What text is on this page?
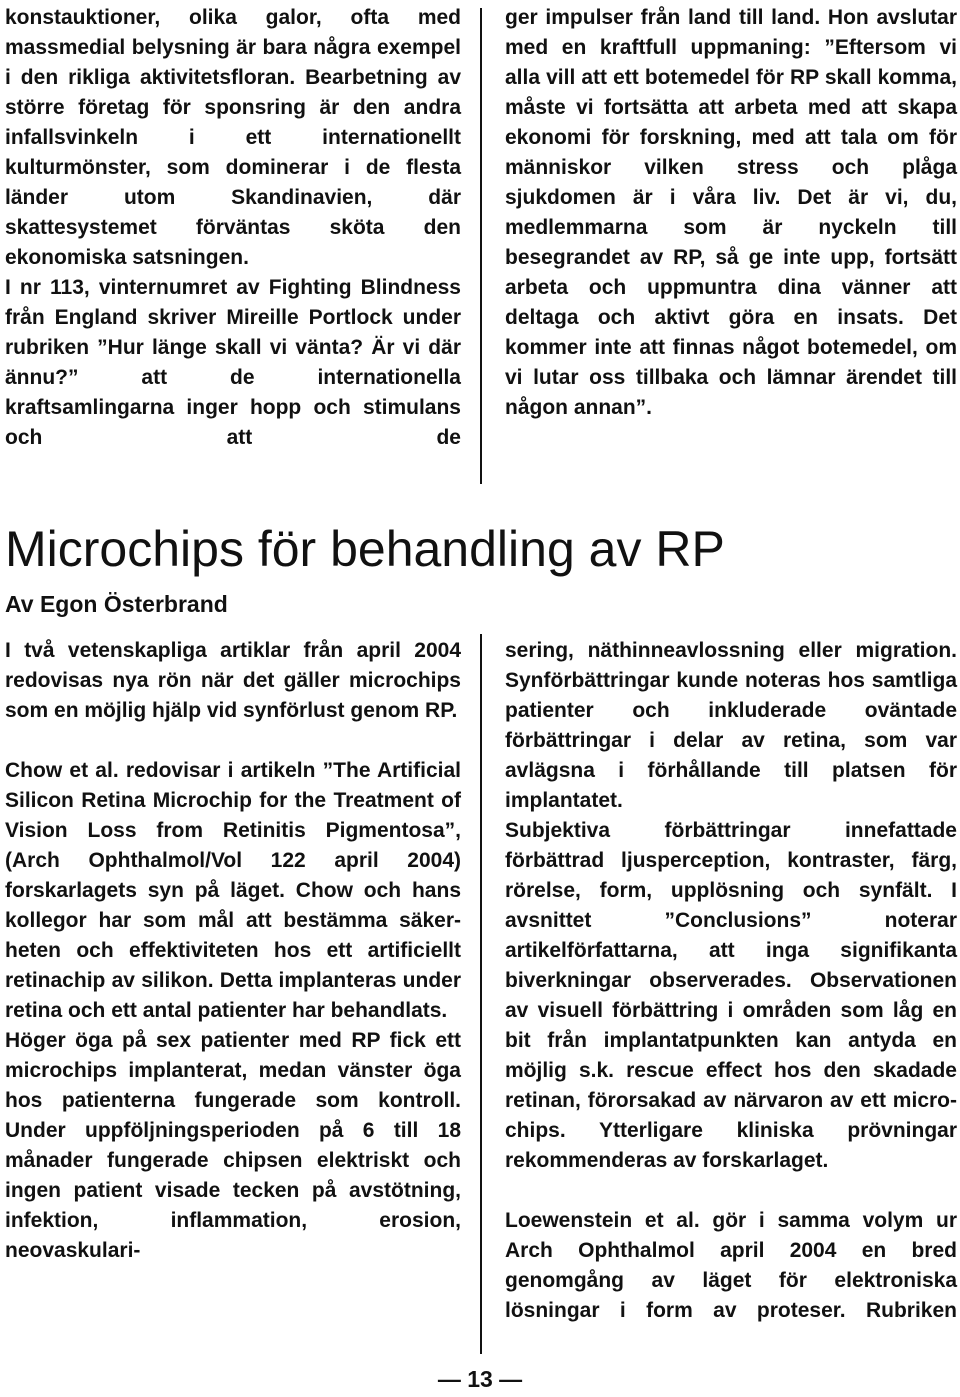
konstauktioner, olika galor, ofta med massmedial belysning är bara några exempel i den rikliga aktivitetsfloran. Bearbetning av större företag för sponsring är den andra infallsvinkeln i ett internationellt kulturmönster, som dominerar i de flesta länder utom Skandinavien, där skattesystemet förväntas sköta den ekonomiska satsningen.

I nr 113, vinternumret av Fighting Blindness från England skriver Mireille Portlock under rubriken ”Hur länge skall vi vänta? Är vi där ännu?” att de internationella kraftsamlingarna inger hopp och stimulans och att de

ger impulser från land till land. Hon avslutar med en kraftfull uppmaning: ”Eftersom vi alla vill att ett botemedel för RP skall komma, måste vi fortsätta att arbeta med att skapa ekonomi för forskning, med att tala om för människor vilken stress och plåga sjukdomen är i våra liv. Det är vi, du, medlemmarna som är nyckeln till besegrandet av RP, så ge inte upp, fortsätt arbeta och uppmuntra dina vänner att deltaga och aktivt göra en insats. Det kommer inte att finnas något botemedel, om vi lutar oss tillbaka och lämnar ärendet till någon annan”.

Microchips för behandling av RP
Av Egon Österbrand

I två vetenskapliga artiklar från april 2004 redovisas nya rön när det gäller microchips som en möjlig hjälp vid synförlust genom RP.

Chow et al. redovisar i artikeln ”The Artificial Silicon Retina Microchip for the Treatment of Vision Loss from Retinitis Pigmentosa”, (Arch Ophthalmol/Vol 122 april 2004) forskarlagets syn på läget. Chow och hans kollegor har som mål att bestämma säkerheten och effektiviteten hos ett artificiellt retinachip av silikon. Detta implanteras under retina och ett antal patienter har behandlats.

Höger öga på sex patienter med RP fick ett microchips implanterat, medan vänster öga hos patienterna fungerade som kontroll. Under uppföljningsperioden på 6 till 18 månader fungerade chipsen elektriskt och ingen patient visade tecken på avstötning, infektion, inflammation, erosion, neovaskulari-

sering, näthinneavlossning eller migration. Synförbättringar kunde noteras hos samtliga patienter och inkluderade oväntade förbättringar i delar av retina, som var avlägsna i förhållande till platsen för implantatet.

Subjektiva förbättringar innefattade förbättrad ljusperception, kontraster, färg, rörelse, form, upplösning och synfält. I avsnittet ”Conclusions” noterar artikelförfattarna, att inga signifikanta biverkningar observerades. Observationen av visuell förbättring i områden som låg en bit från implantatpunkten kan antyda en möjlig s.k. rescue effect hos den skadade retinan, förorsakad av närvaron av ett microchips. Ytterligare kliniska prövningar rekommenderas av forskarlaget.

Loewenstein et al. gör i samma volym ur Arch Ophthalmol april 2004 en bred genomgång av läget för elektroniska lösningar i form av proteser. Rubriken

— 13 —
